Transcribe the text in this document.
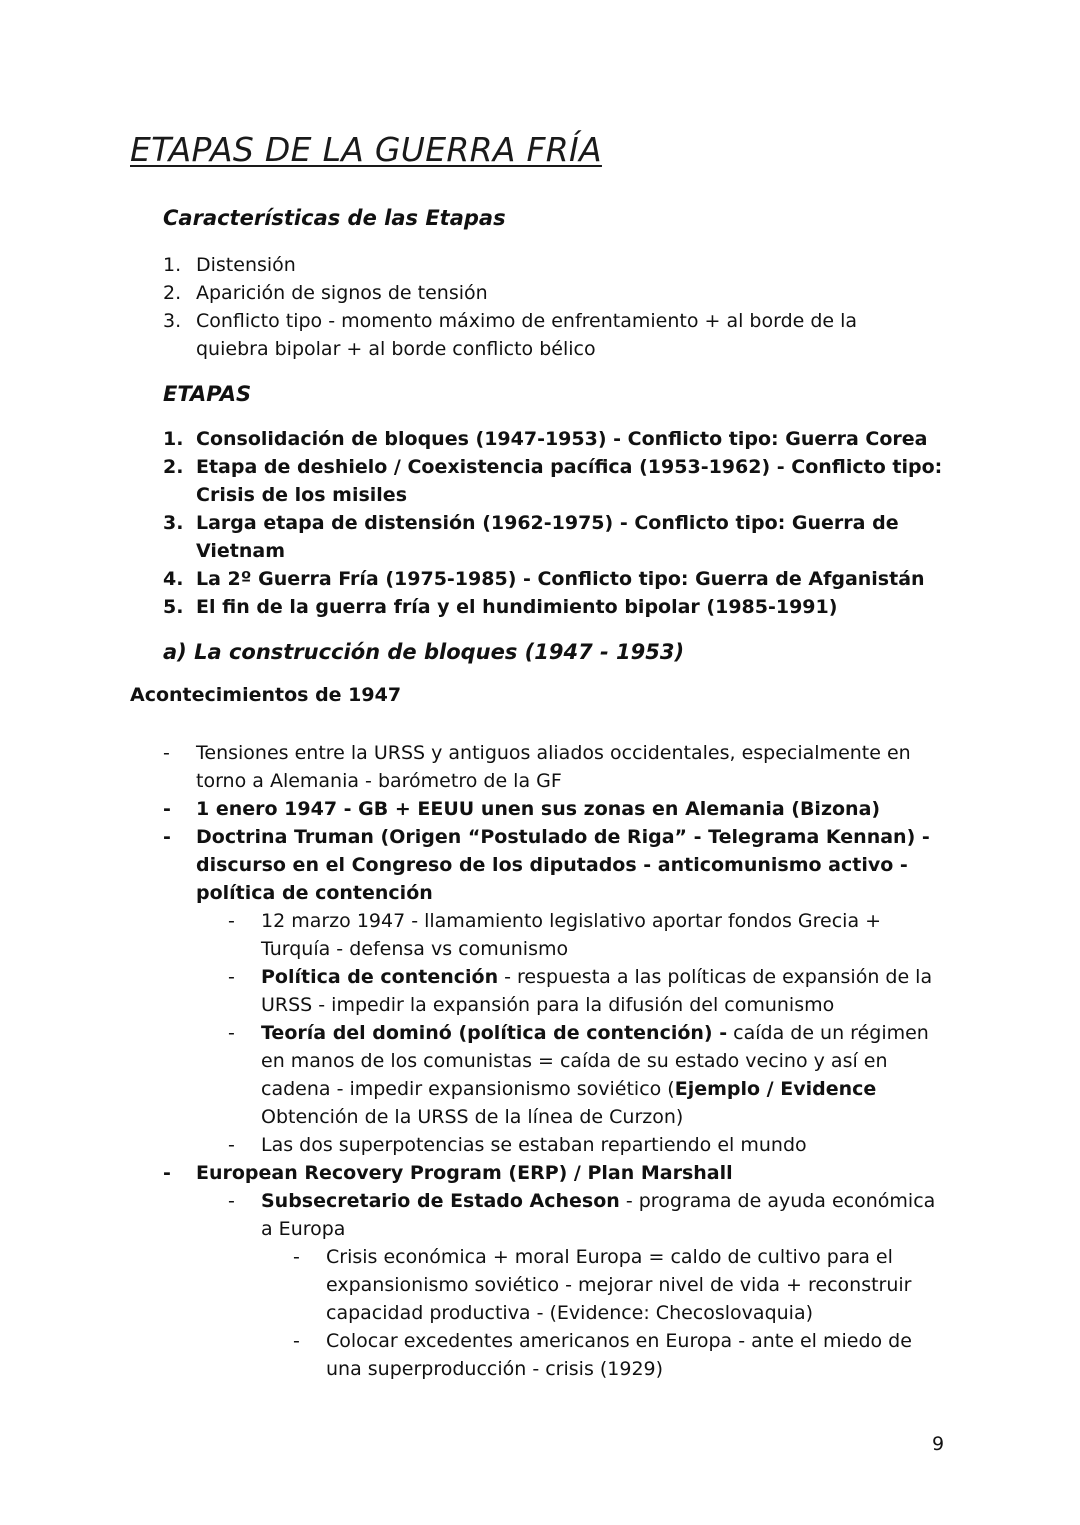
ETAPAS DE LA GUERRA FRÍA
Características de las Etapas
1. Distensión
2. Aparición de signos de tensión
3. Conflicto tipo - momento máximo de enfrentamiento + al borde de la
quiebra bipolar + al borde conflicto bélico
ETAPAS
1. Consolidación de bloques (1947-1953) - Conflicto tipo: Guerra Corea
2. Etapa de deshielo / Coexistencia pacífica (1953-1962) - Conflicto tipo:
Crisis de los misiles
3. Larga etapa de distensión (1962-1975) - Conflicto tipo: Guerra de
Vietnam
4. La 2º Guerra Fría (1975-1985) - Conflicto tipo: Guerra de Afganistán
5. El fin de la guerra fría y el hundimiento bipolar (1985-1991)
a) La construcción de bloques (1947 - 1953)
Acontecimientos de 1947
- Tensiones entre la URSS y antiguos aliados occidentales, especialmente en
torno a Alemania - barómetro de la GF
- 1 enero 1947 - GB + EEUU unen sus zonas en Alemania (Bizona)
- Doctrina Truman (Origen “Postulado de Riga” - Telegrama Kennan) -
discurso en el Congreso de los diputados - anticomunismo activo -
política de contención
- 12 marzo 1947 - llamamiento legislativo aportar fondos Grecia +
Turquía - defensa vs comunismo
- Política de contención - respuesta a las políticas de expansión de la
URSS - impedir la expansión para la difusión del comunismo
- Teoría del dominó (política de contención) - caída de un régimen
en manos de los comunistas = caída de su estado vecino y así en
cadena - impedir expansionismo soviético (Ejemplo / Evidence
Obtención de la URSS de la línea de Curzon)
- Las dos superpotencias se estaban repartiendo el mundo
- European Recovery Program (ERP) / Plan Marshall
- Subsecretario de Estado Acheson - programa de ayuda económica
a Europa
- Crisis económica + moral Europa = caldo de cultivo para el
expansionismo soviético - mejorar nivel de vida + reconstruir
capacidad productiva - (Evidence: Checoslovaquia)
- Colocar excedentes americanos en Europa - ante el miedo de
una superproducción - crisis (1929)
9
